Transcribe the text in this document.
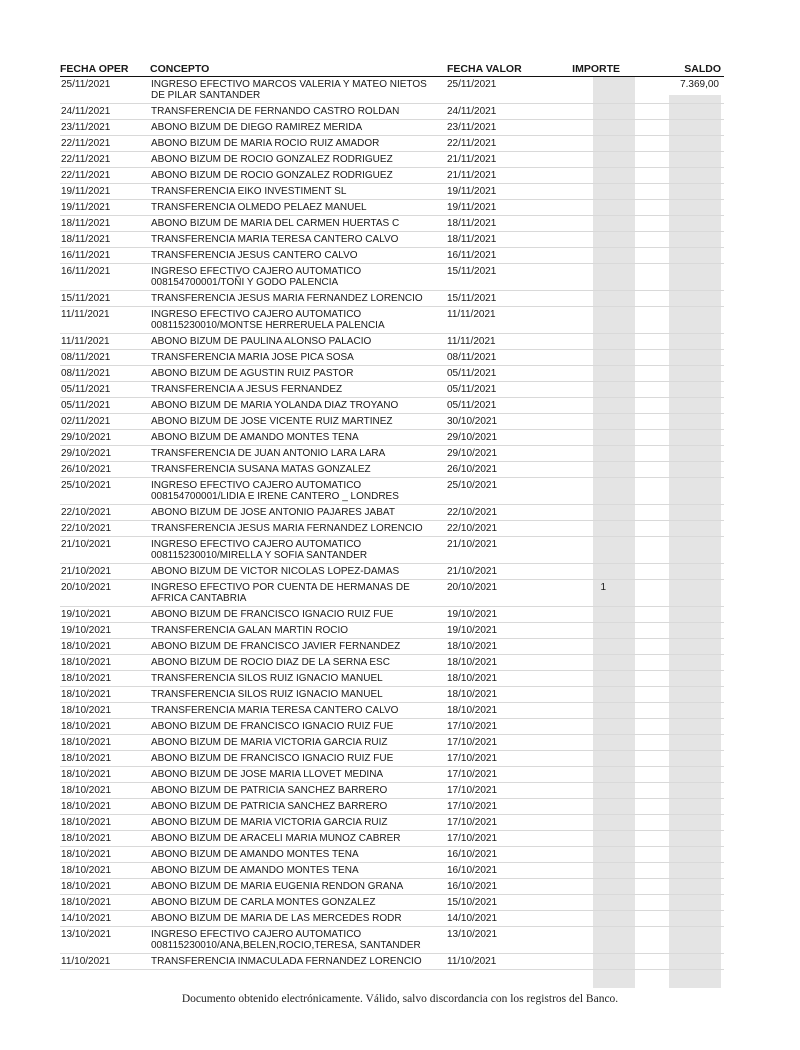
FECHA OPER	CONCEPTO	FECHA VALOR	IMPORTE	SALDO
25/11/2021	INGRESO EFECTIVO MARCOS VALERIA Y MATEO NIETOS
DE PILAR SANTANDER	25/11/2021		7.369,00
24/11/2021	TRANSFERENCIA DE FERNANDO CASTRO ROLDAN	24/11/2021		
23/11/2021	ABONO BIZUM DE DIEGO RAMIREZ MERIDA	23/11/2021		
22/11/2021	ABONO BIZUM DE MARIA ROCIO RUIZ AMADOR	22/11/2021		
22/11/2021	ABONO BIZUM DE ROCIO GONZALEZ RODRIGUEZ	21/11/2021		
22/11/2021	ABONO BIZUM DE ROCIO GONZALEZ RODRIGUEZ	21/11/2021		
19/11/2021	TRANSFERENCIA EIKO INVESTIMENT SL	19/11/2021		
19/11/2021	TRANSFERENCIA OLMEDO PELAEZ MANUEL	19/11/2021		
18/11/2021	ABONO BIZUM DE MARIA DEL CARMEN HUERTAS C	18/11/2021		
18/11/2021	TRANSFERENCIA MARIA TERESA CANTERO CALVO	18/11/2021		
16/11/2021	TRANSFERENCIA JESUS CANTERO CALVO	16/11/2021		
16/11/2021	INGRESO EFECTIVO CAJERO AUTOMATICO
008154700001/TOÑI Y GODO PALENCIA	15/11/2021		
15/11/2021	TRANSFERENCIA JESUS MARIA FERNANDEZ LORENCIO	15/11/2021		
11/11/2021	INGRESO EFECTIVO CAJERO AUTOMATICO
008115230010/MONTSE HERRERUELA PALENCIA	11/11/2021		
11/11/2021	ABONO BIZUM DE PAULINA ALONSO PALACIO	11/11/2021		
08/11/2021	TRANSFERENCIA MARIA JOSE PICA SOSA	08/11/2021		
08/11/2021	ABONO BIZUM DE AGUSTIN RUIZ PASTOR	05/11/2021		
05/11/2021	TRANSFERENCIA A JESUS FERNANDEZ	05/11/2021		
05/11/2021	ABONO BIZUM DE MARIA YOLANDA DIAZ TROYANO	05/11/2021		
02/11/2021	ABONO BIZUM DE JOSE VICENTE RUIZ MARTINEZ	30/10/2021		
29/10/2021	ABONO BIZUM DE AMANDO MONTES TENA	29/10/2021		
29/10/2021	TRANSFERENCIA DE JUAN ANTONIO LARA LARA	29/10/2021		
26/10/2021	TRANSFERENCIA SUSANA MATAS GONZALEZ	26/10/2021		
25/10/2021	INGRESO EFECTIVO CAJERO AUTOMATICO
008154700001/LIDIA E IRENE CANTERO _ LONDRES	25/10/2021		
22/10/2021	ABONO BIZUM DE JOSE ANTONIO PAJARES JABAT	22/10/2021		
22/10/2021	TRANSFERENCIA JESUS MARIA FERNANDEZ LORENCIO	22/10/2021		
21/10/2021	INGRESO EFECTIVO CAJERO AUTOMATICO
008115230010/MIRELLA Y SOFIA SANTANDER	21/10/2021		
21/10/2021	ABONO BIZUM DE VICTOR NICOLAS LOPEZ-DAMAS	21/10/2021		
20/10/2021	INGRESO EFECTIVO POR CUENTA DE HERMANAS DE
AFRICA CANTABRIA	20/10/2021	1	
19/10/2021	ABONO BIZUM DE FRANCISCO IGNACIO RUIZ FUE	19/10/2021		
19/10/2021	TRANSFERENCIA GALAN MARTIN ROCIO	19/10/2021		
18/10/2021	ABONO BIZUM DE FRANCISCO JAVIER FERNANDEZ	18/10/2021		
18/10/2021	ABONO BIZUM DE ROCIO DIAZ DE LA SERNA ESC	18/10/2021		
18/10/2021	TRANSFERENCIA SILOS RUIZ IGNACIO MANUEL	18/10/2021		
18/10/2021	TRANSFERENCIA SILOS RUIZ IGNACIO MANUEL	18/10/2021		
18/10/2021	TRANSFERENCIA MARIA TERESA CANTERO CALVO	18/10/2021		
18/10/2021	ABONO BIZUM DE FRANCISCO IGNACIO RUIZ FUE	17/10/2021		
18/10/2021	ABONO BIZUM DE MARIA VICTORIA GARCIA RUIZ	17/10/2021		
18/10/2021	ABONO BIZUM DE FRANCISCO IGNACIO RUIZ FUE	17/10/2021		
18/10/2021	ABONO BIZUM DE JOSE MARIA LLOVET MEDINA	17/10/2021		
18/10/2021	ABONO BIZUM DE PATRICIA SANCHEZ BARRERO	17/10/2021		
18/10/2021	ABONO BIZUM DE PATRICIA SANCHEZ BARRERO	17/10/2021		
18/10/2021	ABONO BIZUM DE MARIA VICTORIA GARCIA RUIZ	17/10/2021		
18/10/2021	ABONO BIZUM DE ARACELI MARIA MUNOZ CABRER	17/10/2021		
18/10/2021	ABONO BIZUM DE AMANDO MONTES TENA	16/10/2021		
18/10/2021	ABONO BIZUM DE AMANDO MONTES TENA	16/10/2021		
18/10/2021	ABONO BIZUM DE MARIA EUGENIA RENDON GRANA	16/10/2021		
18/10/2021	ABONO BIZUM DE CARLA MONTES GONZALEZ	15/10/2021		
14/10/2021	ABONO BIZUM DE MARIA DE LAS MERCEDES RODR	14/10/2021		
13/10/2021	INGRESO EFECTIVO CAJERO AUTOMATICO
008115230010/ANA,BELEN,ROCIO,TERESA, SANTANDER	13/10/2021		
11/10/2021	TRANSFERENCIA INMACULADA FERNANDEZ LORENCIO	11/10/2021		
Documento obtenido electrónicamente. Válido, salvo discordancia con los registros del Banco.
